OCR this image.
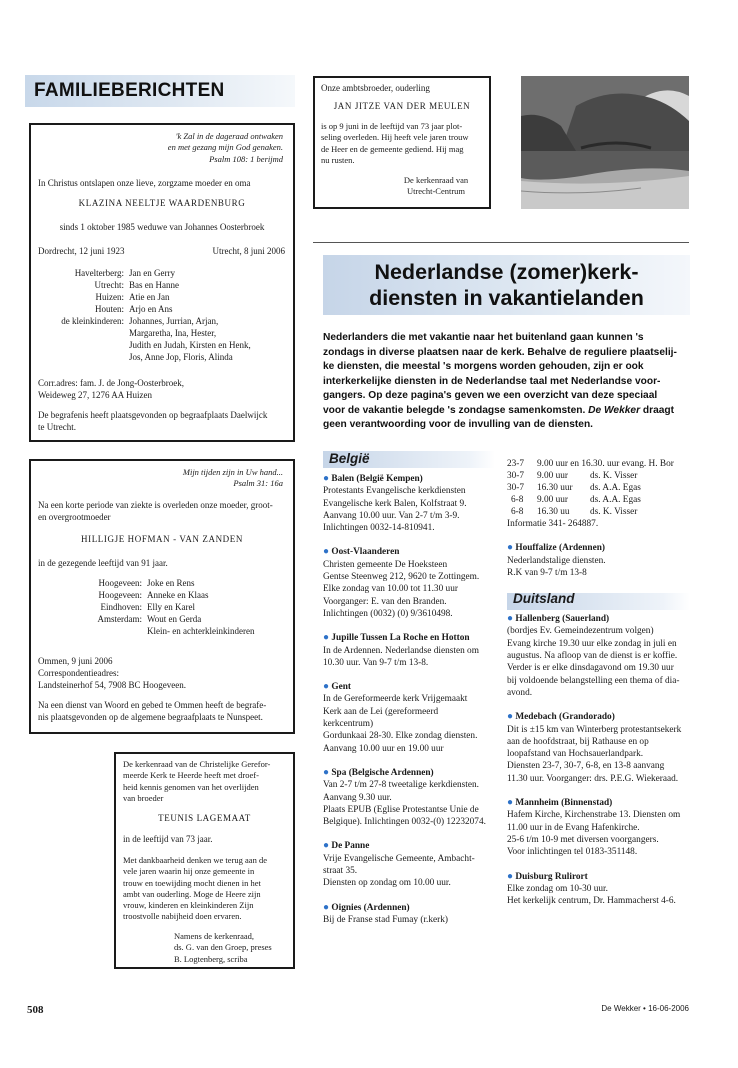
FAMILIEBERICHTEN
'k Zal in de dageraad ontwaken
en met gezang mijn God genaken.
Psalm 108: 1 berijmd
In Christus ontslapen onze lieve, zorgzame moeder en oma
KLAZINA NEELTJE WAARDENBURG
sinds 1 oktober 1985 weduwe van Johannes Oosterbroek
Dordrecht, 12 juni 1923	Utrecht, 8 juni 2006
Havelterberg: Jan en Gerry
Utrecht: Bas en Hanne
Huizen: Atie en Jan
Houten: Arjo en Ans
de kleinkinderen: Johannes, Jurrian, Arjan,
Margaretha, Ina, Hester,
Judith en Judah, Kirsten en Henk,
Jos, Anne Jop, Floris, Alinda
Corr.adres: fam. J. de Jong-Oosterbroek,
Weideweg 27, 1276 AA Huizen
De begrafenis heeft plaatsgevonden op begraafplaats Daelwijck
te Utrecht.
Mijn tijden zijn in Uw hand...
Psalm 31: 16a
Na een korte periode van ziekte is overleden onze moeder, groot-
en overgrootmoeder
HILLIGJE HOFMAN - VAN ZANDEN
in de gezegende leeftijd van 91 jaar.
Hoogeveen: Joke en Rens
Hoogeveen: Anneke en Klaas
Eindhoven: Elly en Karel
Amsterdam: Wout en Gerda
Klein- en achterkleinkinderen
Ommen, 9 juni 2006
Correspondentieadres:
Landsteinerhof 54, 7908 BC Hoogeveen.
Na een dienst van Woord en gebed te Ommen heeft de begrafe-
nis plaatsgevonden op de algemene begraafplaats te Nunspeet.
De kerkenraad van de Christelijke Gerefor-
meerde Kerk te Heerde heeft met droef-
heid kennis genomen van het overlijden
van broeder
TEUNIS LAGEMAAT
in de leeftijd van 73 jaar.
Met dankbaarheid denken we terug aan de
vele jaren waarin hij onze gemeente in
trouw en toewijding mocht dienen in het
ambt van ouderling. Moge de Heere zijn
vrouw, kinderen en kleinkinderen Zijn
troostvolle nabijheid doen ervaren.
Namens de kerkenraad,
ds. G. van den Groep, preses
B. Logtenberg, scriba
Onze ambtsbroeder, ouderling
JAN JITZE VAN DER MEULEN
is op 9 juni in de leeftijd van 73 jaar plot-
seling overleden. Hij heeft vele jaren trouw
de Heer en de gemeente gediend. Hij mag
nu rusten.
De kerkenraad van
Utrecht-Centrum
Nederlandse (zomer)kerk-
diensten in vakantielanden
Nederlanders die met vakantie naar het buitenland gaan kunnen 's
zondags in diverse plaatsen naar de kerk. Behalve de reguliere plaatselij-
ke diensten, die meestal 's morgens worden gehouden, zijn er ook
interkerkelijke diensten in de Nederlandse taal met Nederlandse voor-
gangers. Op deze pagina's geven we een overzicht van deze speciaal
voor de vakantie belegde 's zondagse samenkomsten. De Wekker draagt
geen verantwoording voor de invulling van de diensten.
België
● Balen (België Kempen)
Protestants Evangelische kerkdiensten
Evangelische kerk Balen, Kolfstraat 9.
Aanvang 10.00 uur. Van 2-7 t/m 3-9.
Inlichtingen 0032-14-810941.
● Oost-Vlaanderen
Christen gemeente De Hoeksteen
Gentse Steenweg 212, 9620 te Zottingem.
Elke zondag van 10.00 tot 11.30 uur
Voorganger: E. van den Branden.
Inlichtingen (0032) (0) 9/3610498.
● Jupille Tussen La Roche en Hotton
In de Ardennen. Nederlandse diensten om
10.30 uur. Van 9-7 t/m 13-8.
● Gent
In de Gereformeerde kerk Vrijgemaakt
Kerk aan de Lei (gereformeerd
kerkcentrum)
Gordunkaai 28-30. Elke zondag diensten.
Aanvang 10.00 uur en 19.00 uur
● Spa (Belgische Ardennen)
Van 2-7 t/m 27-8 tweetalige kerkdiensten.
Aanvang 9.30 uur.
Plaats EPUB (Eglise Protestantse Unie de
Belgique). Inlichtingen 0032-(0) 12232074.
● De Panne
Vrije Evangelische Gemeente, Ambacht-
straat 35.
Diensten op zondag om 10.00 uur.
● Oignies (Ardennen)
Bij de Franse stad Fumay (r.kerk)
23-7	9.00 uur en 16.30. uur evang. H. Bor	
30-7	9.00 uur	ds. K. Visser
30-7	16.30 uur	ds. A.A. Egas
6-8	9.00 uur	ds. A.A. Egas
6-8	16.30 uu	ds. K. Visser
Informatie 341- 264887.
● Houffalize (Ardennen)
Nederlandstalige diensten.
R.K van 9-7 t/m 13-8
Duitsland
● Hallenberg (Sauerland)
(bordjes Ev. Gemeindezentrum volgen)
Evang kirche 19.30 uur elke zondag in juli en
augustus. Na afloop van de dienst is er koffie.
Verder is er elke dinsdagavond om 19.30 uur
bij voldoende belangstelling een thema of dia-
avond.
● Medebach (Grandorado)
Dit is ±15 km van Winterberg protestantsekerk
aan de hoofdstraat, bij Rathause en op
loopafstand van Hochsauerlandpark.
Diensten 23-7, 30-7, 6-8, en 13-8 aanvang
11.30 uur. Voorganger: drs. P.E.G. Wiekeraad.
● Mannheim (Binnenstad)
Hafem Kirche, Kirchenstrabe 13. Diensten om
11.00 uur in de Evang Hafenkirche.
25-6 t/m 10-9 met diversen voorgangers.
Voor inlichtingen tel 0183-351148.
● Duisburg Rulirort
Elke zondag om 10-30 uur.
Het kerkelijk centrum, Dr. Hammacherst 4-6.
508	De Wekker • 16-06-2006
